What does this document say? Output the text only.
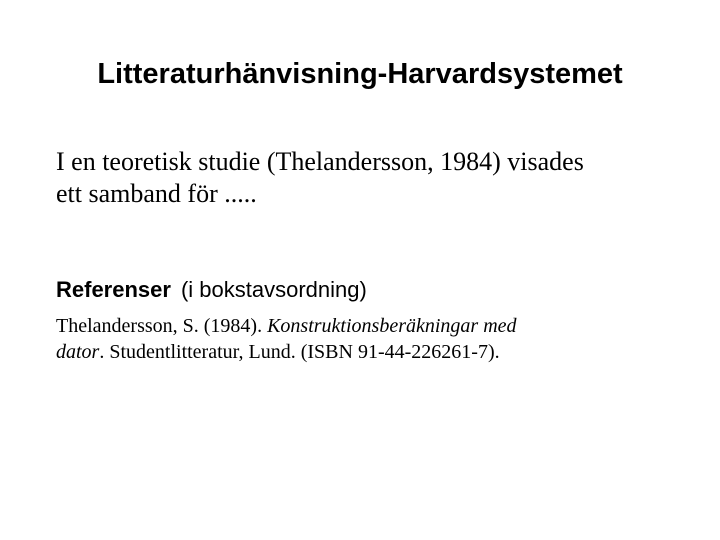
Litteraturhänvisning-Harvardsystemet
I en teoretisk studie (Thelandersson, 1984) visades
ett samband för .....
Referenser (i bokstavsordning)
Thelandersson, S. (1984). Konstruktionsberäkningar med
dator. Studentlitteratur, Lund. (ISBN 91-44-226261-7).
